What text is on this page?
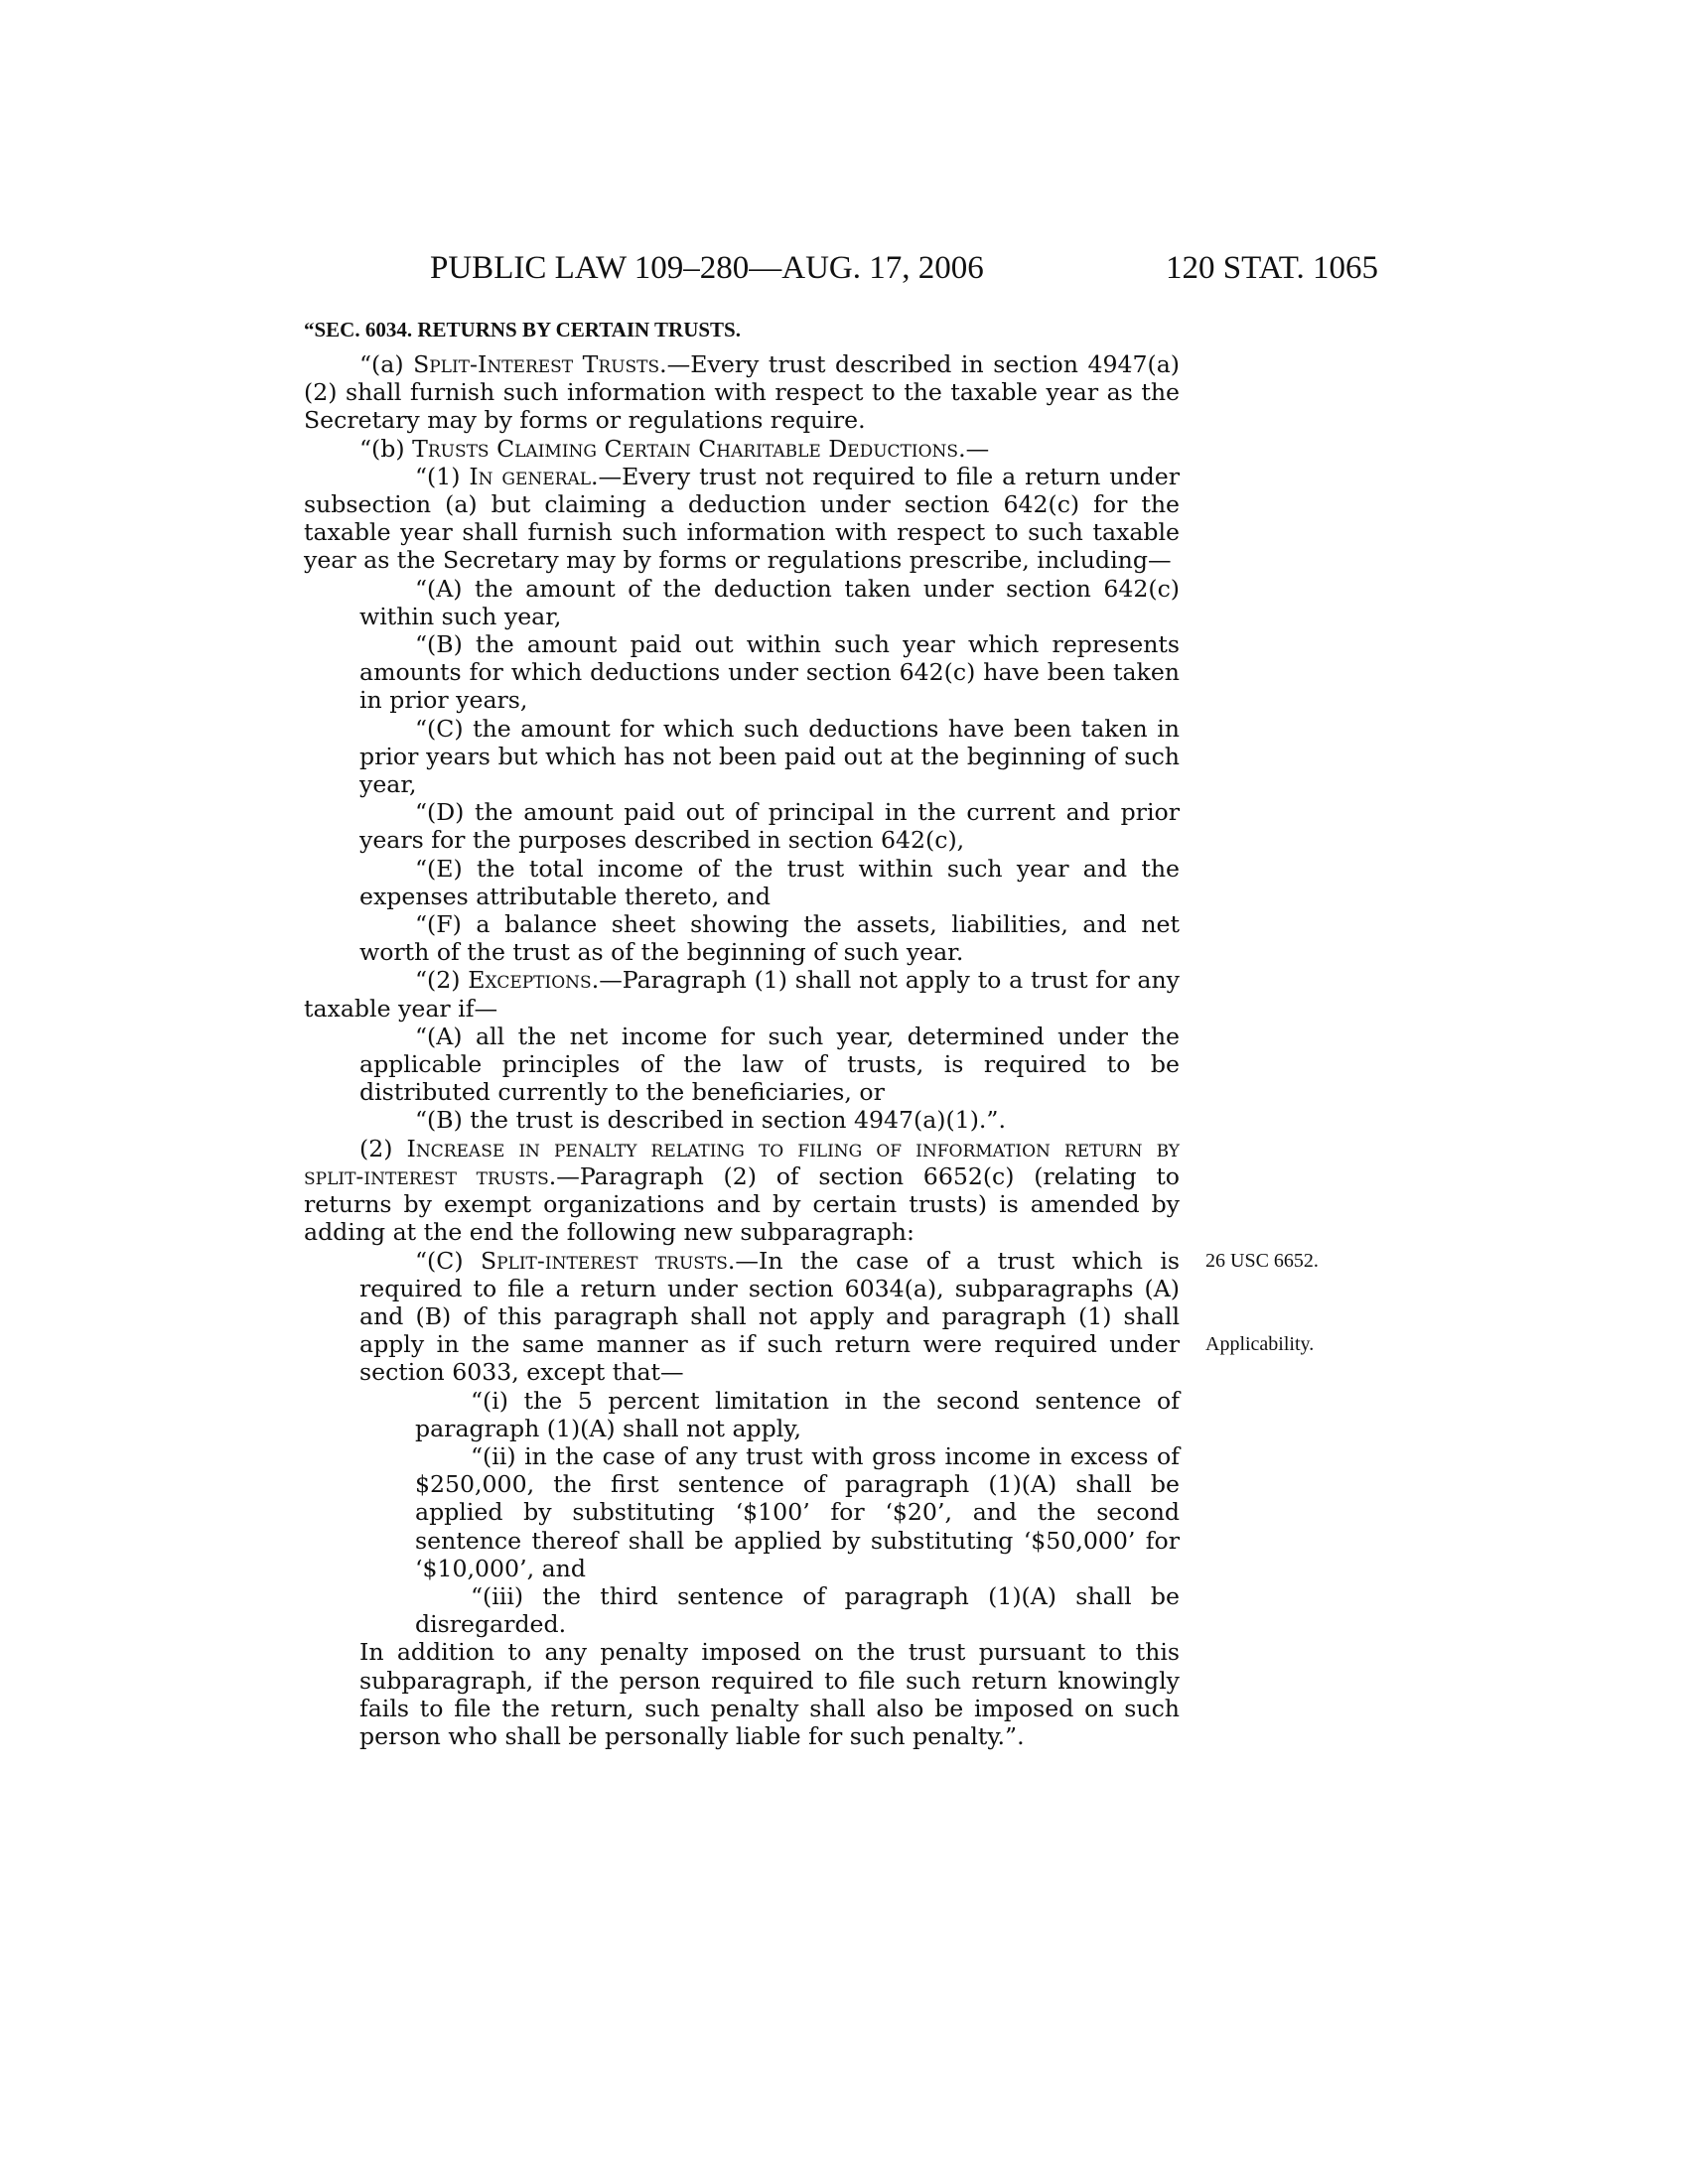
PUBLIC LAW 109–280—AUG. 17, 2006	120 STAT. 1065
“SEC. 6034. RETURNS BY CERTAIN TRUSTS.

“(a) Split-Interest Trusts.—Every trust described in section 4947(a)(2) shall furnish such information with respect to the taxable year as the Secretary may by forms or regulations require.

“(b) Trusts Claiming Certain Charitable Deductions.—

“(1) In general.—Every trust not required to file a return under subsection (a) but claiming a deduction under section 642(c) for the taxable year shall furnish such information with respect to such taxable year as the Secretary may by forms or regulations prescribe, including—

“(A) the amount of the deduction taken under section 642(c) within such year,

“(B) the amount paid out within such year which represents amounts for which deductions under section 642(c) have been taken in prior years,

“(C) the amount for which such deductions have been taken in prior years but which has not been paid out at the beginning of such year,

“(D) the amount paid out of principal in the current and prior years for the purposes described in section 642(c),

“(E) the total income of the trust within such year and the expenses attributable thereto, and

“(F) a balance sheet showing the assets, liabilities, and net worth of the trust as of the beginning of such year.

“(2) Exceptions.—Paragraph (1) shall not apply to a trust for any taxable year if—

“(A) all the net income for such year, determined under the applicable principles of the law of trusts, is required to be distributed currently to the beneficiaries, or

“(B) the trust is described in section 4947(a)(1).”.

(2) Increase in penalty relating to filing of information return by split-interest trusts.—Paragraph (2) of section 6652(c) (relating to returns by exempt organizations and by certain trusts) is amended by adding at the end the following new subparagraph:

“(C) Split-interest trusts.—In the case of a trust which is required to file a return under section 6034(a), subparagraphs (A) and (B) of this paragraph shall not apply and paragraph (1) shall apply in the same manner as if such return were required under section 6033, except that—

“(i) the 5 percent limitation in the second sentence of paragraph (1)(A) shall not apply,

“(ii) in the case of any trust with gross income in excess of $250,000, the first sentence of paragraph (1)(A) shall be applied by substituting ‘$100’ for ‘$20’, and the second sentence thereof shall be applied by substituting ‘$50,000’ for ‘$10,000’, and

“(iii) the third sentence of paragraph (1)(A) shall be disregarded.

In addition to any penalty imposed on the trust pursuant to this subparagraph, if the person required to file such return knowingly fails to file the return, such penalty shall also be imposed on such person who shall be personally liable for such penalty.”.

26 USC 6652.
Applicability.
